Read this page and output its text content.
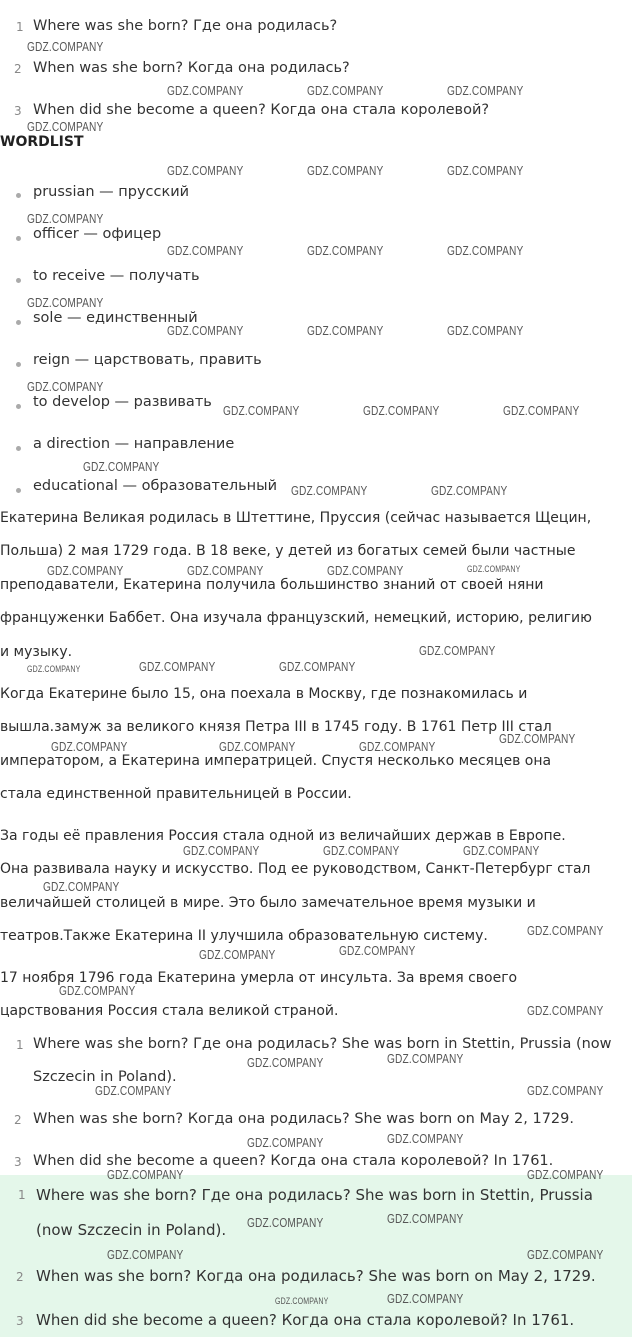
1 Where was she born? Где она родилась?
2 When was she born? Когда она родилась?
3 When did she become a queen? Когда она стала королевой?
WORDLIST
prussian — прусский
officer — офицер
to receive — получать
sole — единственный
reign — царствовать, править
to develop — развивать
a direction — направление
educational — образовательный
Екатерина Великая родилась в Штеттине, Пруссия (сейчас называется Щецин,
Польша) 2 мая 1729 года. В 18 веке, у детей из богатых семей были частные
преподаватели, Екатерина получила большинство знаний от своей няни
француженки Баббет. Она изучала французский, немецкий, историю, религию
и музыку.
Когда Екатерине было 15, она поехала в Москву, где познакомилась и
вышла.замуж за великого князя Петра III в 1745 году. В 1761 Петр III стал
императором, а Екатерина императрицей. Спустя несколько месяцев она
стала единственной правительницей в России.
За годы её правления Россия стала одной из величайших держав в Европе.
Она развивала науку и искусство. Под ее руководством, Санкт-Петербург стал
величайшей столицей в мире. Это было замечательное время музыки и
театров.Также Екатерина II улучшила образовательную систему.
17 ноября 1796 года Екатерина умерла от инсульта. За время своего
царствования Россия стала великой страной.
1 Where was she born? Где она родилась? She was born in Stettin, Prussia (now
Szczecin in Poland).
2 When was she born? Когда она родилась? She was born on May 2, 1729.
3 When did she become a queen? Когда она стала королевой? In 1761.
1 Where was she born? Где она родилась? She was born in Stettin, Prussia
(now Szczecin in Poland).
2 When was she born? Когда она родилась? She was born on May 2, 1729.
3 When did she become a queen? Когда она стала королевой? In 1761.
GDZ.COMPANY
GDZ.COMPANY	GDZ.COMPANY	GDZ.COMPANY
GDZ.COMPANY
GDZ.COMPANY	GDZ.COMPANY	GDZ.COMPANY
GDZ.COMPANY
GDZ.COMPANY	GDZ.COMPANY	GDZ.COMPANY
GDZ.COMPANY
GDZ.COMPANY	GDZ.COMPANY	GDZ.COMPANY
GDZ.COMPANY
GDZ.COMPANY	GDZ.COMPANY	GDZ.COMPANY
GDZ.COMPANY
GDZ.COMPANY	GDZ.COMPANY
GDZ.COMPANY	GDZ.COMPANY	GDZ.COMPANY	GDZ.COMPANY
GDZ.COMPANY
GDZ.COMPANY	GDZ.COMPANY	GDZ.COMPANY
GDZ.COMPANY
GDZ.COMPANY	GDZ.COMPANY	GDZ.COMPANY
GDZ.COMPANY	GDZ.COMPANY	GDZ.COMPANY
GDZ.COMPANY
GDZ.COMPANY
GDZ.COMPANY	GDZ.COMPANY
GDZ.COMPANY
GDZ.COMPANY
GDZ.COMPANY	GDZ.COMPANY
GDZ.COMPANY	GDZ.COMPANY
GDZ.COMPANY	GDZ.COMPANY
GDZ.COMPANY	GDZ.COMPANY
GDZ.COMPANY	GDZ.COMPANY
GDZ.COMPANY	GDZ.COMPANY
GDZ.COMPANY	GDZ.COMPANY
